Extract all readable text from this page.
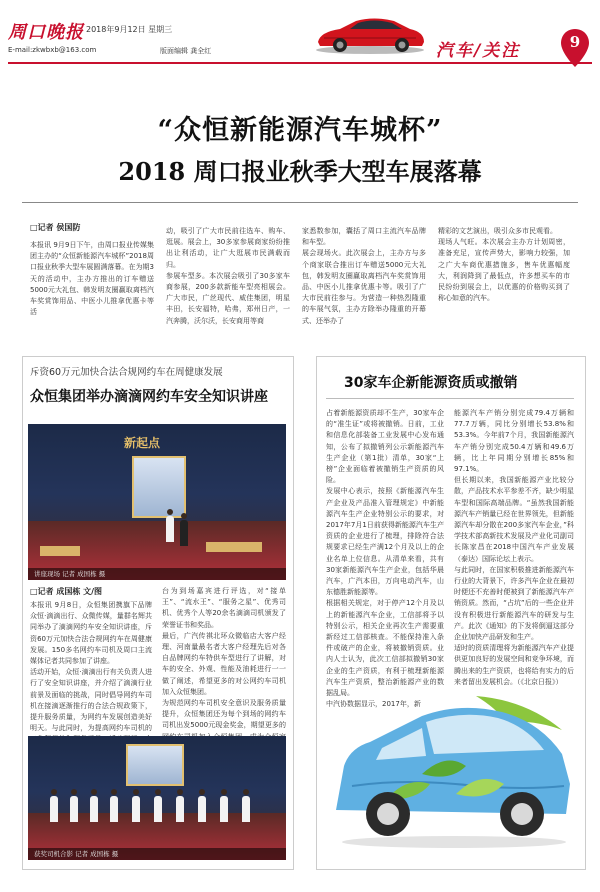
周口晚报 2018年9月12日 星期三
E-mail:zkwbxb@163.com	版面编辑 龚全红	汽车/关注	9
“众恒新能源汽车城杯”
2018 周口报业秋季大型车展落幕
□记者 侯国防
本报讯 9月9日下午，由周口报业传媒集团主办的“众恒新能源汽车城杯”2018周口报业秋季大型车展圆满落幕。在为期3天的活动中，主办方推出的订车赠送5000元大礼包、韩发明友圈赢取离档汽车奖赏饰用品、中医小儿推拿优惠卡等活
动，吸引了广大市民前往选车、购车、逛展。展会上，30多家参展商家纷纷推出让利活动，让广大逛展市民满载而归。
参展车型多。本次展会吸引了30多家车商参展，200多款新能车型亮相展会。广大市民，广丝现代、威佳集团，明星丰田，长安福特，哈弗，郑州日产，一汽奔腾，沃尔沃，长安商用等商
家悉数参加，囊括了周口主流汽车品牌和车型。
展会现场火。此次展会上，主办方与多个商家联合推出订车赠送5000元大礼包，韩发明友圈赢取离档汽车奖赏饰用品、中医小儿推拿优惠卡等。吸引了广大市民前往参与。为营造一种热烈隆重的车展气氛，主办方除举办隆重的开幕式、还举办了
精彩的文艺演出，吸引众多市民观看。
现场人气旺。本次展会主办方计划周密，准备充足，宣传声势大，影响力较强，加之广大车商优惠措施多，售车优惠幅度大，利润降到了最低点，许多想买车的市民纷纷到展会上，以优惠的价格购买到了称心如意的汽车。
斥资60万元加快合法合规网约车在周健康发展
众恒集团举办滴滴网约车安全知识讲座
新起点
讲座现场 记者 成国栋 摄
□记者 成国栋 文/图
本报讯 9月8日，众恒集团携旗下品牌众恒·滴滴出行、众微传媒，量群名辉共同举办了滴滴网约车安全知识讲座，斥资60万元加快合法合规网约车在周健康发展。150多名网约车司机及周口主流媒体记者共同参加了讲座。
活动开始，众恒·滴滴出行有关负责人进行了安全知识讲座，并介绍了滴滴行业前景及面临的挑战，同时倡导网约车司机在接滴逐渐推行的合法合规政策下，提升服务质量，为网约车发展创造美好明天。与此同时，为提高网约车司机的
台为到场嘉宾进行评选，对“接单王”、“流水王”、“服务之星”、优秀司机、优秀个人等20余名滴滴司机颁发了荣誉证书和奖品。
最后，广汽传祺北环众微临店大客户经理、河南量最名者大客户经理先后对各自品牌网约车特供车型进行了讲解，对车的安全、外观、性能及油耗进行一一做了阐述，希望更多的对公网约车司机加入众恒集团。
为规范网约车司机安全意识及服务质量提升，众恒集团还为每个到场的网约车司机出发5000元现金奖金，期望更多的
获奖司机合影 记者 成国栋 摄
30家车企新能源资质或撤销
占着新能源资质却不生产，30家车企的“准生证”或将被撤销。日前，工业和信息化部装备工业发展中心发布通知，公布了拟撤销列公示新能源汽车生产企业（第1批）清单，30家“上榜”企业面临着被撤销生产资质的风险。
发展中心表示，按照《新能源汽车生产企业及产品准入管理规定》中新能源汽车生产企业特别公示的要求，对2017年7月1日前获得新能源汽车生产资质的企业进行了梳理，排除符合法规要求已经生产满12个月及以上的企业名单上位信息。从清单来看，共有30家新能源汽车生产企业，包括华晨汽车，广汽本田，万向电动汽车，山东德胜新能源等。
根据相关规定，对于停产12个月及以上的新能源汽车企业，工信部将予以特别公示，相关企业再次生产需要重新经过工信部核查。不能保持准入条件或破产的企业，将被撤销资质。业内人士认为，此次工信部拟撤销30家企业的生产资质，有利于梳理新能源汽车生产资质，整治新能源产业的数据乱局。
中汽协数据显示，2017年，新
能源汽车产销分别完成79.4万辆和77.7万辆，同比分别增长53.8%和53.3%。今年前7个月，我国新能源汽车产销分别完成50.4万辆和49.6万辆，比上年同期分别增长85%和97.1%。
但长期以来，我国新能源产业比较分散，产品技术水平参差不齐，缺少明星车型和国际高端品牌。“虽然我国新能源汽车产销量已经在世界领先，但新能源汽车却分散在200多家汽车企业，”科学技术部高新技术发展及产业化司副司长陈家昌在2018中国汽车产业发展（泰达）国际论坛上表示。
与此同时，在国家积极推进新能源汽车行业的大背景下，许多汽车企业在最初时便还不充善时便被到了新能源汽车产销资质。然而，“占坑”后的一些企业并没有积极进行新能源汽车的研发与生产。此次《通知》的下发将倒逼这部分企业加快产品研发和生产。
适时的资质清理将为新能源汽车产业提供更加良好的发展空间和竞争环境，而腾出来的生产资质，也将给有实力的后来者留出发展机会。（《北京日报》）
